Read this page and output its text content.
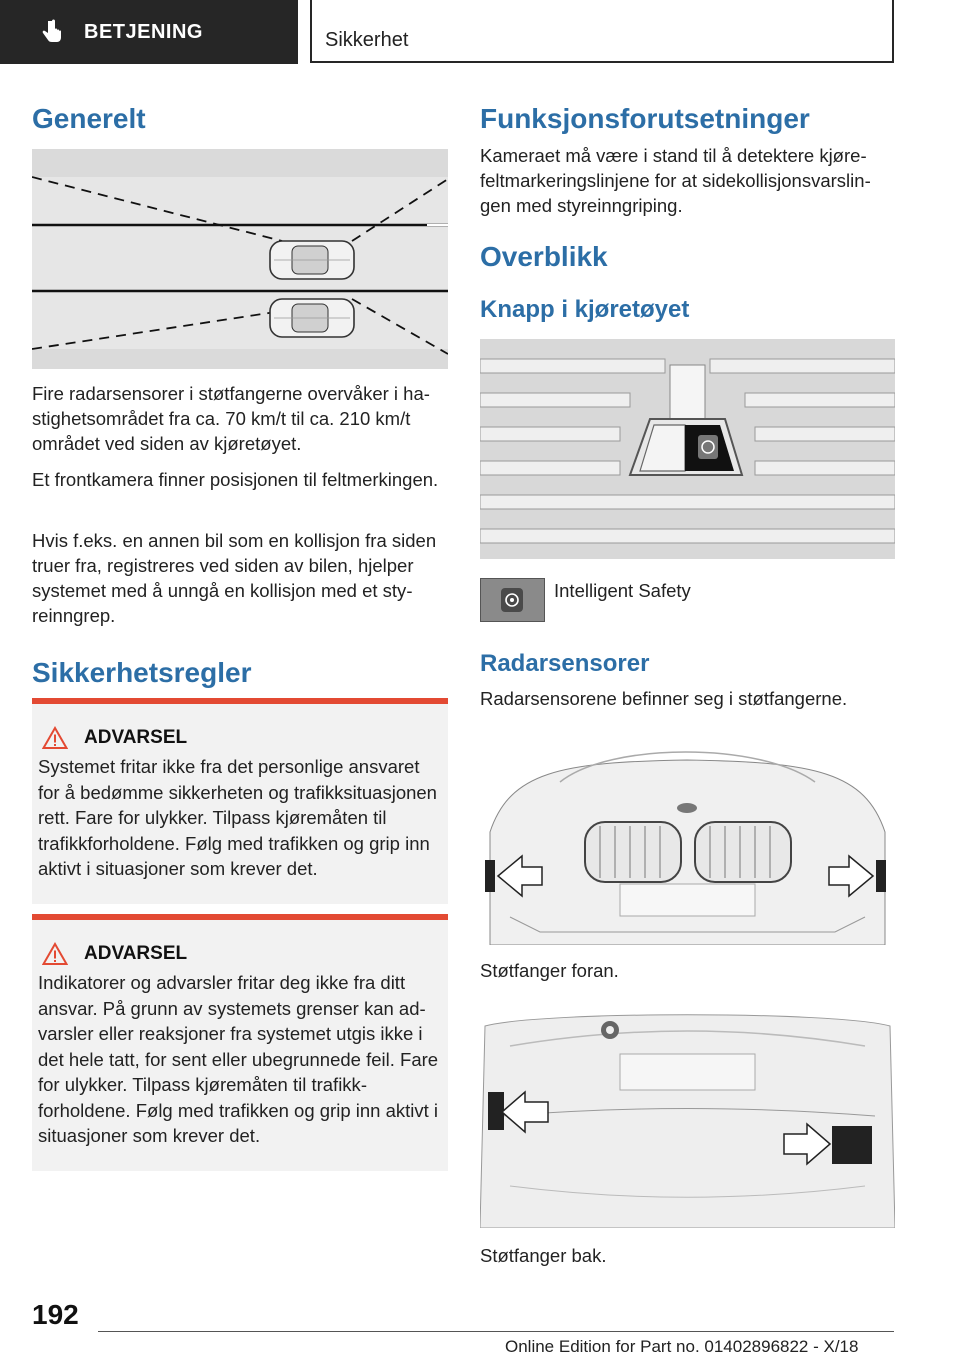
BETJENING	Sikkerhet
Generelt

Fire radarsensorer i støtfangerne overvåker i hastighetsområdet fra ca. 70 km/t til ca. 210 km/t området ved siden av kjøretøyet.

Et frontkamera finner posisjonen til feltmerkingen.

Hvis f.eks. en annen bil som en kollisjon fra siden truer fra, registreres ved siden av bilen, hjelper systemet med å unngå en kollisjon med et styreinngrep.

Sikkerhetsregler
ADVARSEL
Systemet fritar ikke fra det personlige ansvaret for å bedømme sikkerheten og trafikksituasjonen rett. Fare for ulykker. Tilpass kjøremåten til trafikkforholdene. Følg med trafikken og grip inn aktivt i situasjoner som krever det.
ADVARSEL
Indikatorer og advarsler fritar deg ikke fra ditt ansvar. På grunn av systemets grenser kan advarsler eller reaksjoner fra systemet utgis ikke i det hele tatt, for sent eller ubegrunnede feil. Fare for ulykker. Tilpass kjøremåten til trafikkforholdene. Følg med trafikken og grip inn aktivt i situasjoner som krever det.
Funksjonsforutsetninger

Kameraet må være i stand til å detektere kjørefeltmarkeringslinjene for at sidekollisjonsvarslingen med styreinngriping.

Overblikk
Knapp i kjøretøyet
Intelligent Safety
Radarsensorer

Radarsensorene befinner seg i støtfangerne.

Støtfanger foran.
Støtfanger bak.
192
Online Edition for Part no. 01402896822 - X/18
